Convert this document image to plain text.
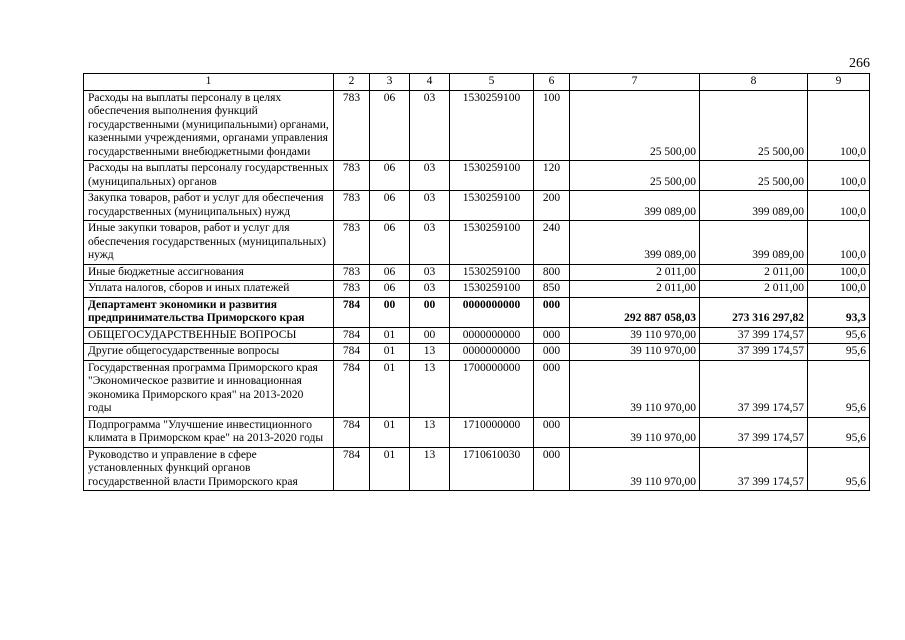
266
1	2	3	4	5	6	7	8	9
Расходы на выплаты персоналу в целях обеспечения выполнения функций государственными (муниципальными) органами, казенными учреждениями, органами управления государственными внебюджетными фондами	783	06	03	1530259100	100	25 500,00	25 500,00	100,0
Расходы на выплаты персоналу государственных (муниципальных) органов	783	06	03	1530259100	120	25 500,00	25 500,00	100,0
Закупка товаров, работ и услуг для обеспечения государственных (муниципальных) нужд	783	06	03	1530259100	200	399 089,00	399 089,00	100,0
Иные закупки товаров, работ и услуг для обеспечения государственных (муниципальных) нужд	783	06	03	1530259100	240	399 089,00	399 089,00	100,0
Иные бюджетные ассигнования	783	06	03	1530259100	800	2 011,00	2 011,00	100,0
Уплата налогов, сборов и иных платежей	783	06	03	1530259100	850	2 011,00	2 011,00	100,0
Департамент экономики и развития предпринимательства Приморского края	784	00	00	0000000000	000	292 887 058,03	273 316 297,82	93,3
ОБЩЕГОСУДАРСТВЕННЫЕ ВОПРОСЫ	784	01	00	0000000000	000	39 110 970,00	37 399 174,57	95,6
Другие общегосударственные вопросы	784	01	13	0000000000	000	39 110 970,00	37 399 174,57	95,6
Государственная программа Приморского края "Экономическое развитие и инновационная экономика Приморского края" на 2013-2020 годы	784	01	13	1700000000	000	39 110 970,00	37 399 174,57	95,6
Подпрограмма "Улучшение инвестиционного климата в Приморском крае" на 2013-2020 годы	784	01	13	1710000000	000	39 110 970,00	37 399 174,57	95,6
Руководство и управление в сфере установленных функций органов государственной власти Приморского края	784	01	13	1710610030	000	39 110 970,00	37 399 174,57	95,6
